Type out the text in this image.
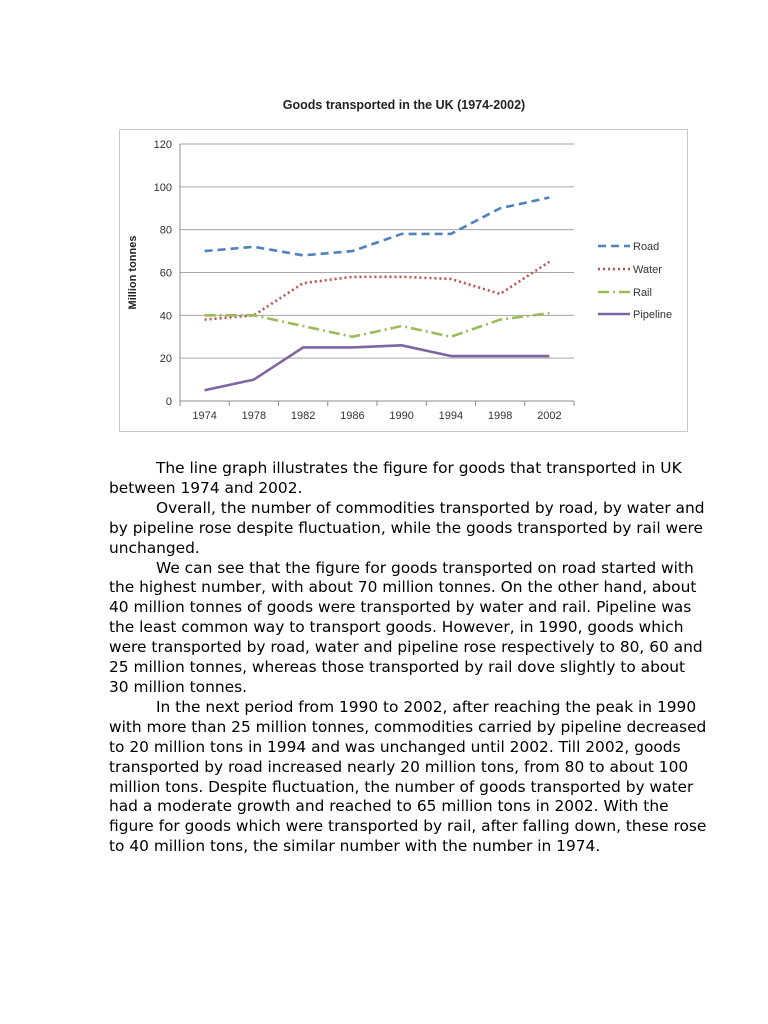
Goods transported in the UK (1974-2002)
0
20
40
60
80
100
120
1974 1978 1982 1986 1990 1994 1998 2002
Million tonnes	Road
Water
Rail
Pipeline

The line graph illustrates the figure for goods that transported in UK between 1974 and 2002.

Overall, the number of commodities transported by road, by water and by pipeline rose despite fluctuation, while the goods transported by rail were unchanged.

We can see that the figure for goods transported on road started with the highest number, with about 70 million tonnes. On the other hand, about 40 million tonnes of goods were transported by water and rail. Pipeline was the least common way to transport goods. However, in 1990, goods which were transported by road, water and pipeline rose respectively to 80, 60 and 25 million tonnes, whereas those transported by rail dove slightly to about 30 million tonnes.

In the next period from 1990 to 2002, after reaching the peak in 1990 with more than 25 million tonnes, commodities carried by pipeline decreased to 20 million tons in 1994 and was unchanged until 2002. Till 2002, goods transported by road increased nearly 20 million tons, from 80 to about 100 million tons. Despite fluctuation, the number of goods transported by water had a moderate growth and reached to 65 million tons in 2002. With the figure for goods which were transported by rail, after falling down, these rose to 40 million tons, the similar number with the number in 1974.
